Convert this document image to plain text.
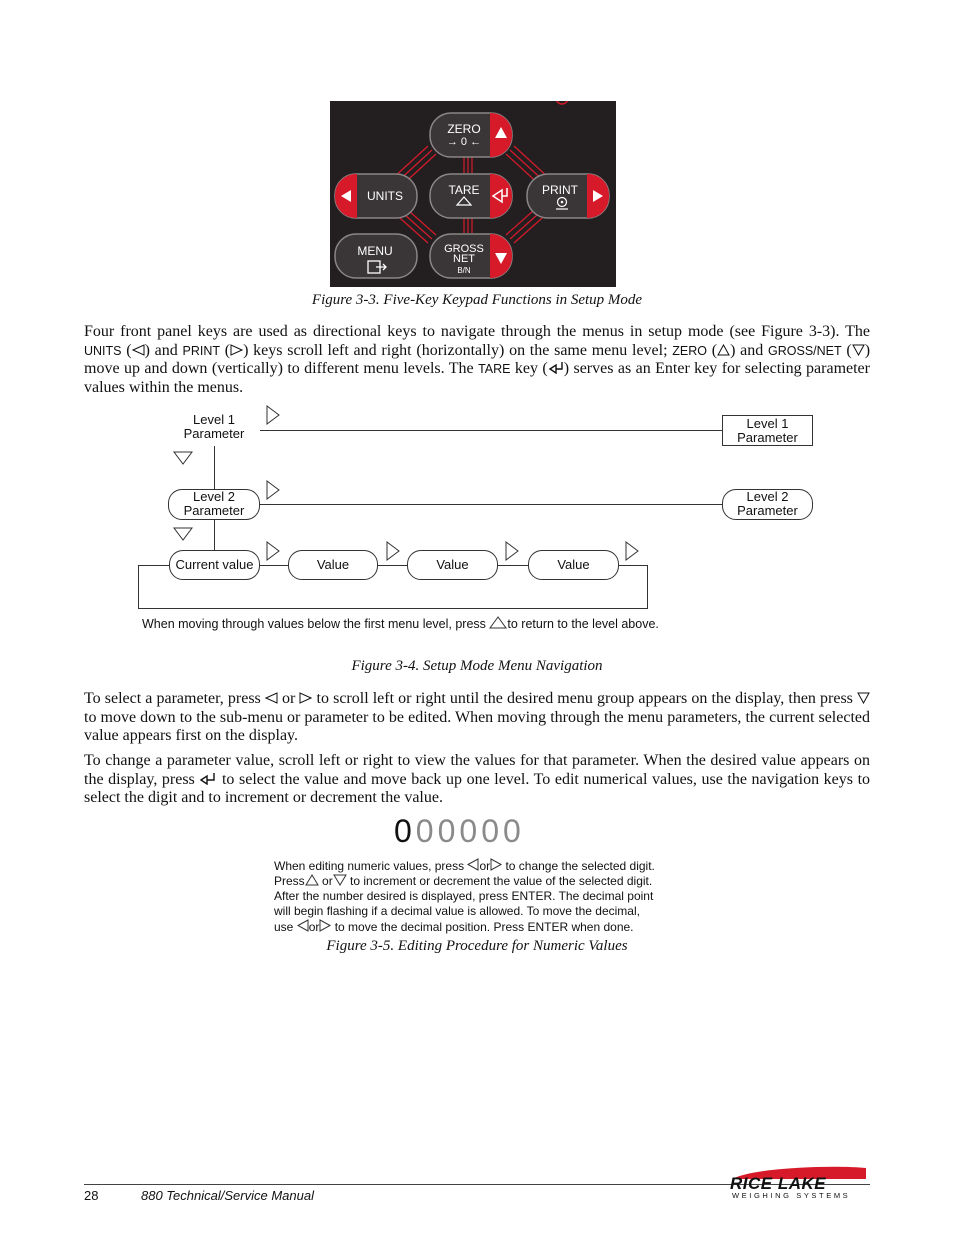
ZERO
→ 0 ←
UNITS	TARE	PRINT
MENU	GROSS
NET
B/N
Figure 3-3. Five-Key Keypad Functions in Setup Mode
Four front panel keys are used as directional keys to navigate through the menus in setup mode (see Figure 3-3). The UNITS ( ) and PRINT ( ) keys scroll left and right (horizontally) on the same menu level; ZERO ( ) and GROSS/NET ( ) move up and down (vertically) to different menu levels. The TARE key ( ) serves as an Enter key for selecting parameter values within the menus.
Level 1
Parameter
Level 1 Parameter
Level 2 Parameter
Level 2 Parameter
Current value	Value	Value	Value
When moving through values below the first menu level, press to return to the level above.
Figure 3-4. Setup Mode Menu Navigation
To select a parameter, press  or  to scroll left or right until the desired menu group appears on the display, then press  to move down to the sub-menu or parameter to be edited. When moving through the menu parameters, the current selected value appears first on the display.
To change a parameter value, scroll left or right to view the values for that parameter. When the desired value appears on the display, press  to select the value and move back up one level. To edit numerical values, use the navigation keys to select the digit and to increment or decrement the value.
0 0 0 0 0 0
When editing numeric values, press or to change the selected digit.
Press or to increment or decrement the value of the selected digit.
After the number desired is displayed, press ENTER. The decimal point
will begin flashing if a decimal value is allowed. To move the decimal,
use or to move the decimal position. Press ENTER when done.
Figure 3-5. Editing Procedure for Numeric Values
28	880 Technical/Service Manual
RICE LAKE
WEIGHING SYSTEMS
